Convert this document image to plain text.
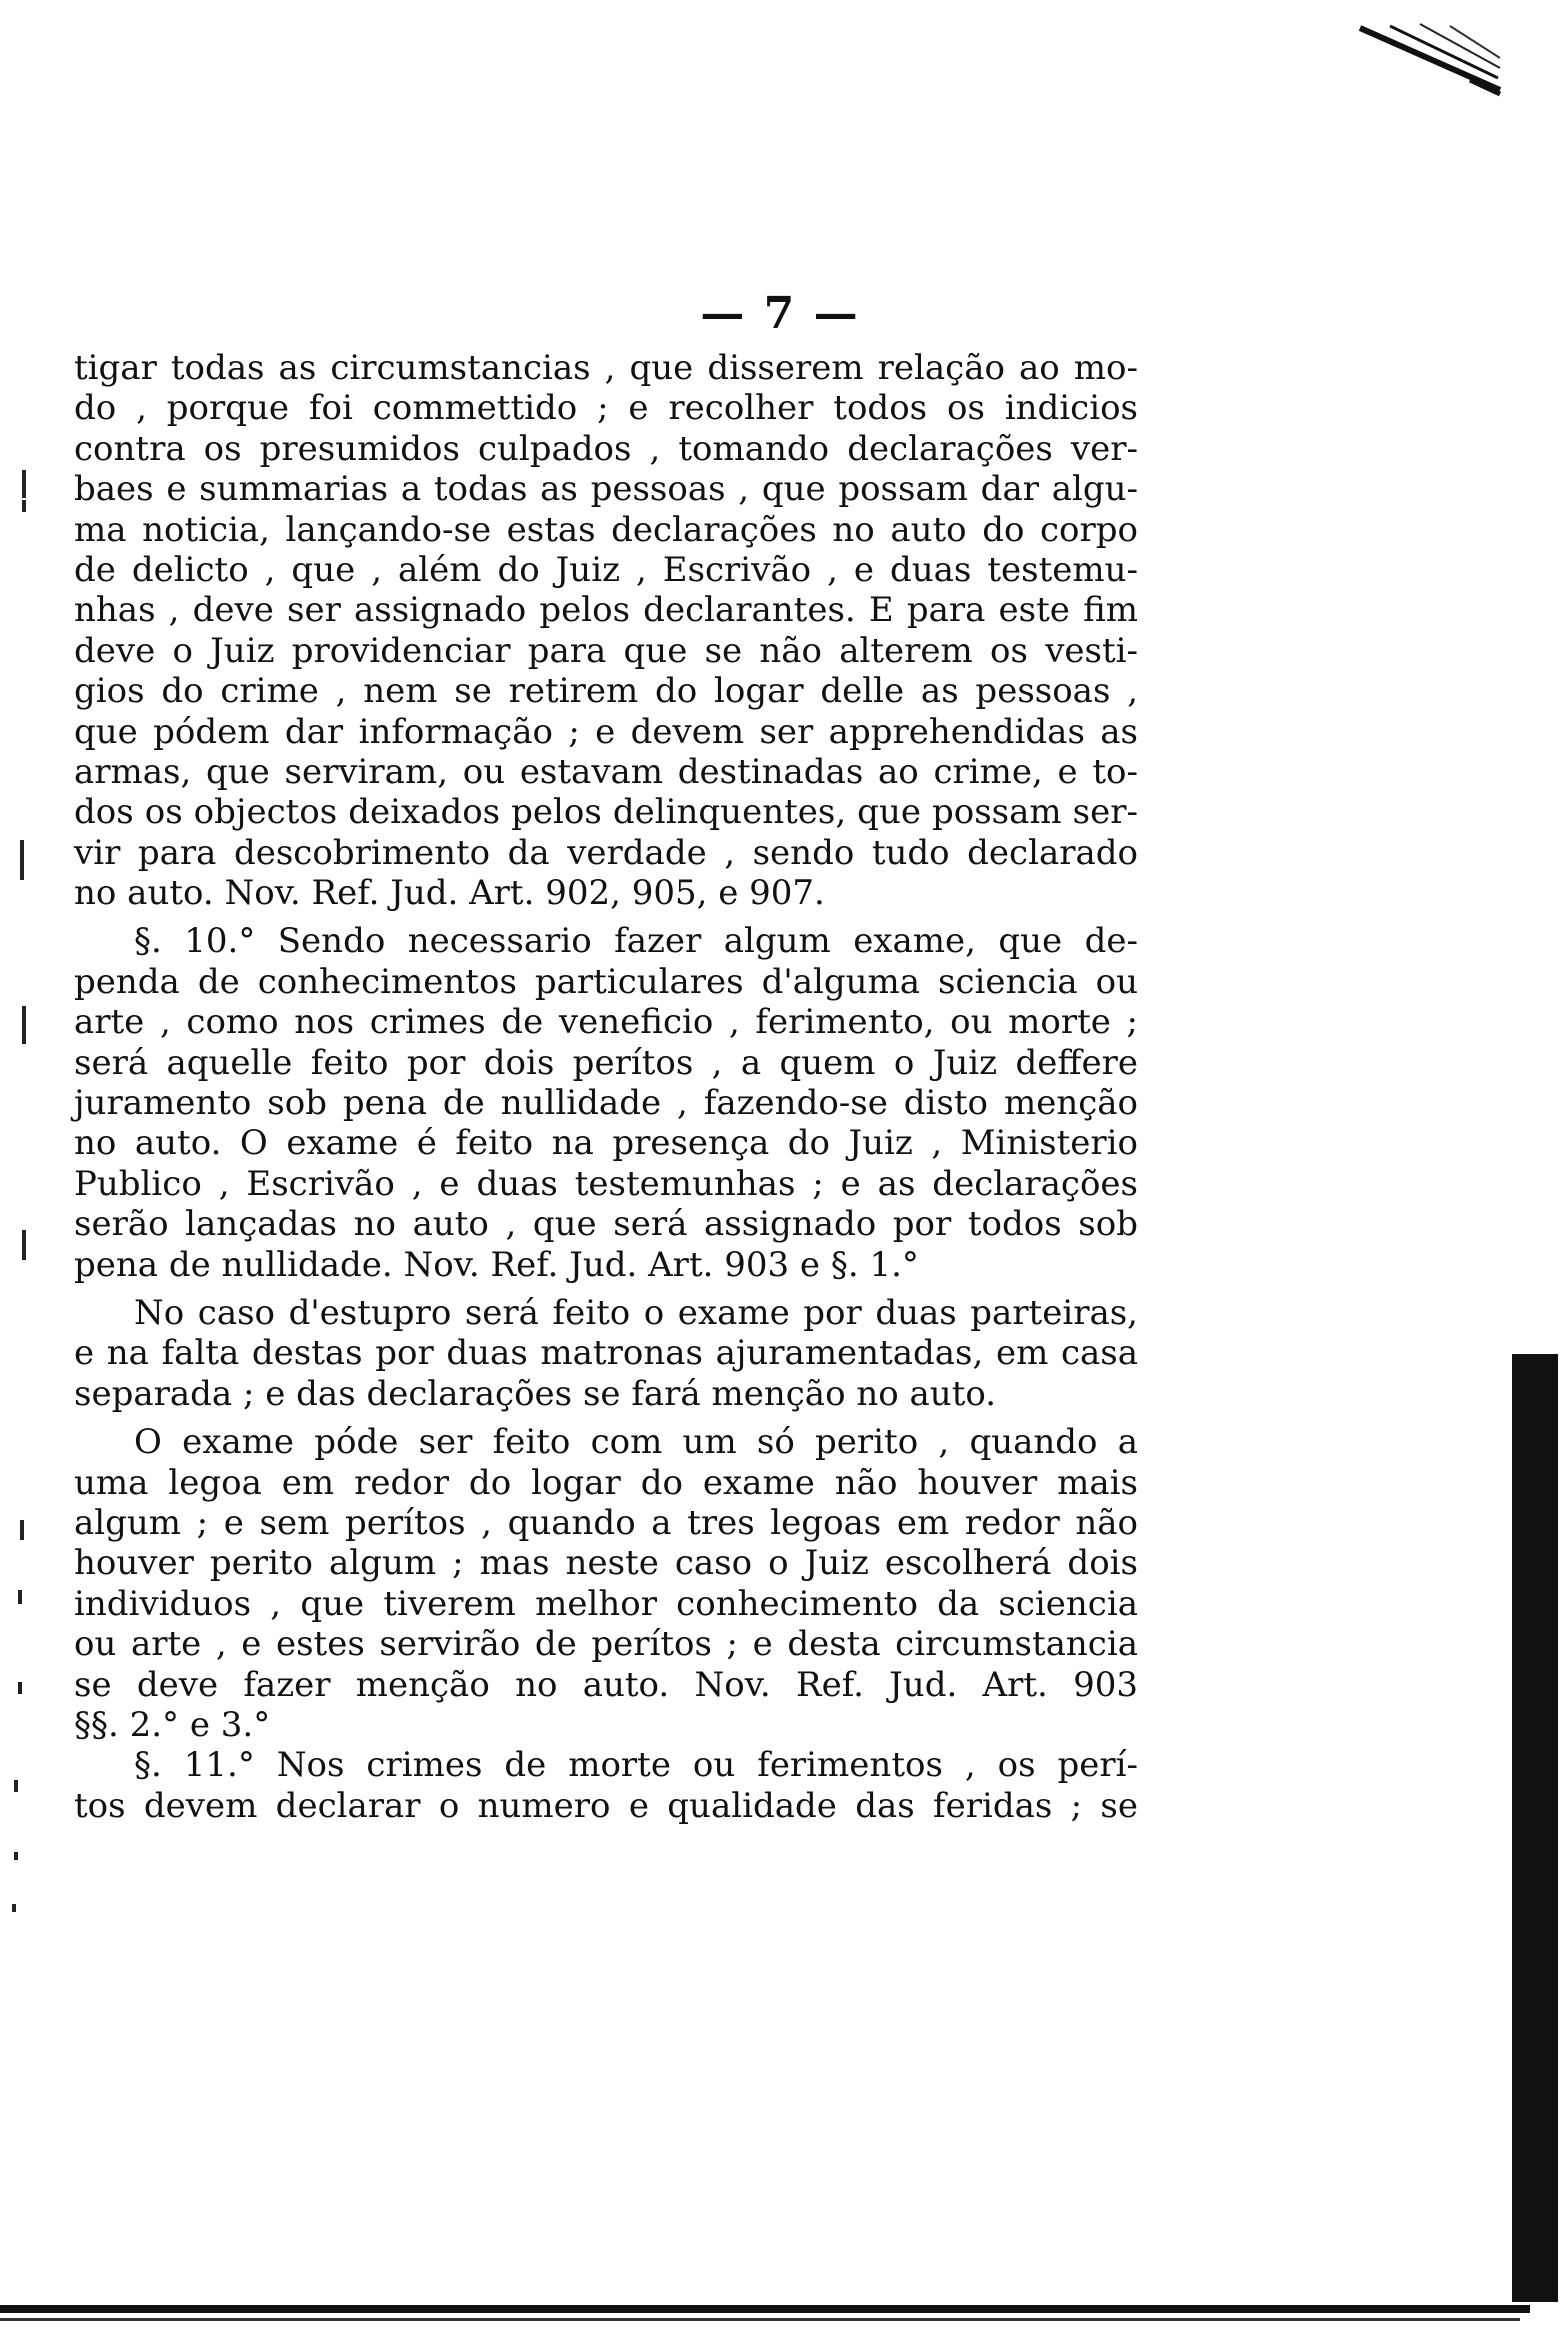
— 7 —
tigar todas as circumstancias , que disserem relação ao mo-
do , porque foi commettido ; e recolher todos os indicios
contra os presumidos culpados , tomando declarações ver-
baes e summarias a todas as pessoas , que possam dar algu-
ma noticia, lançando-se estas declarações no auto do corpo
de delicto , que , além do Juiz , Escrivão , e duas testemu-
nhas , deve ser assignado pelos declarantes. E para este fim
deve o Juiz providenciar para que se não alterem os vesti-
gios do crime , nem se retirem do logar delle as pessoas ,
que pódem dar informação ; e devem ser apprehendidas as
armas, que serviram, ou estavam destinadas ao crime, e to-
dos os objectos deixados pelos delinquentes, que possam ser-
vir para descobrimento da verdade , sendo tudo declarado
no auto. Nov. Ref. Jud. Art. 902, 905, e 907.
§. 10.° Sendo necessario fazer algum exame, que de-
penda de conhecimentos particulares d'alguma sciencia ou
arte , como nos crimes de veneficio , ferimento, ou morte ;
será aquelle feito por dois perítos , a quem o Juiz deffere
juramento sob pena de nullidade , fazendo-se disto menção
no auto. O exame é feito na presença do Juiz , Ministerio
Publico , Escrivão , e duas testemunhas ; e as declarações
serão lançadas no auto , que será assignado por todos sob
pena de nullidade. Nov. Ref. Jud. Art. 903 e §. 1.°
No caso d'estupro será feito o exame por duas parteiras,
e na falta destas por duas matronas ajuramentadas, em casa
separada ; e das declarações se fará menção no auto.
O exame póde ser feito com um só perito , quando a
uma legoa em redor do logar do exame não houver mais
algum ; e sem perítos , quando a tres legoas em redor não
houver perito algum ; mas neste caso o Juiz escolherá dois
individuos , que tiverem melhor conhecimento da sciencia
ou arte , e estes servirão de perítos ; e desta circumstancia
se deve fazer menção no auto. Nov. Ref. Jud. Art. 903
§§. 2.° e 3.°
§. 11.° Nos crimes de morte ou ferimentos , os perí-
tos devem declarar o numero e qualidade das feridas ; se
